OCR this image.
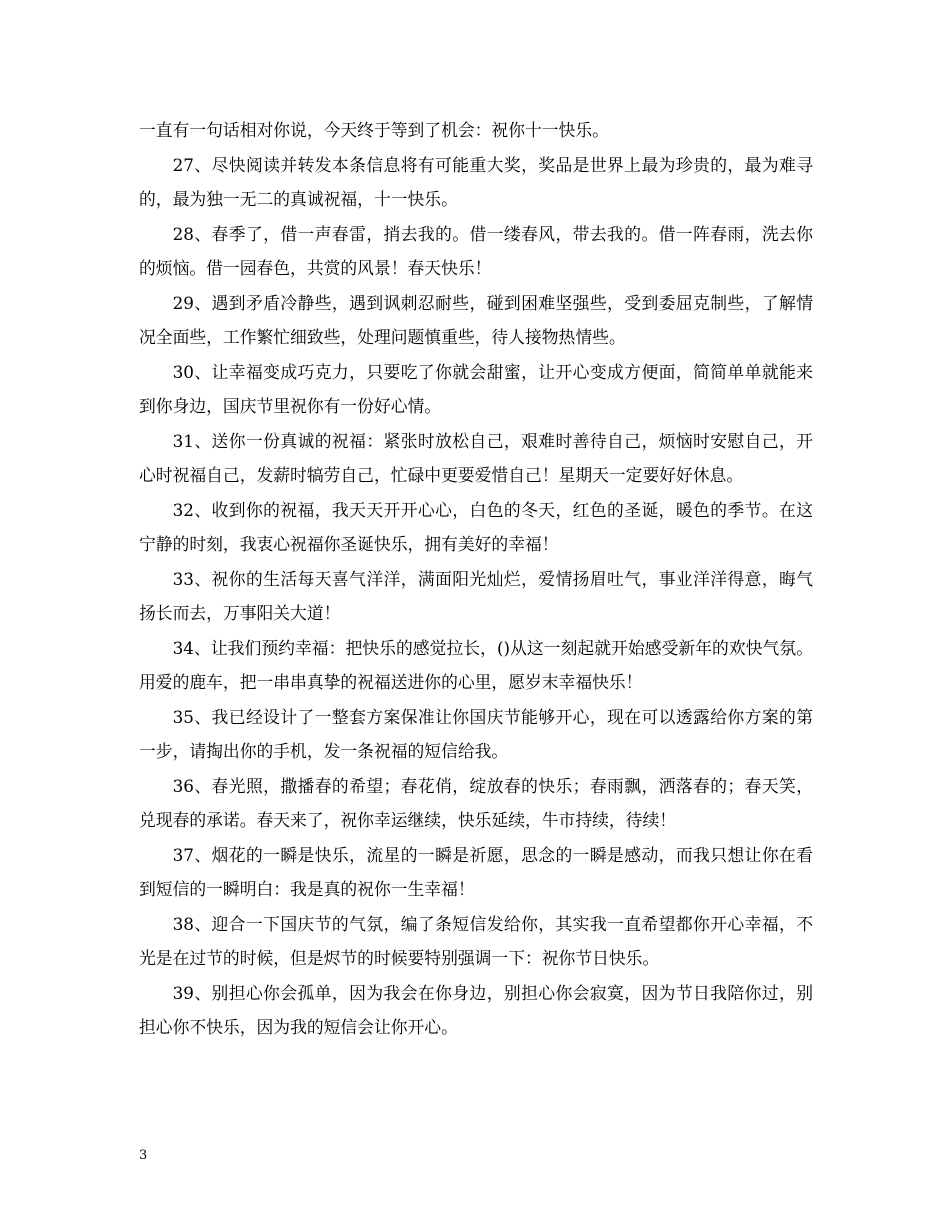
一直有一句话相对你说，今天终于等到了机会：祝你十一快乐。

27、尽快阅读并转发本条信息将有可能重大奖，奖品是世界上最为珍贵的，最为难寻的，最为独一无二的真诚祝福，十一快乐。

28、春季了，借一声春雷，捎去我的。借一缕春风，带去我的。借一阵春雨，洗去你的烦恼。借一园春色，共赏的风景！春天快乐！

29、遇到矛盾冷静些，遇到讽刺忍耐些，碰到困难坚强些，受到委屈克制些，了解情况全面些，工作繁忙细致些，处理问题慎重些，待人接物热情些。

30、让幸福变成巧克力，只要吃了你就会甜蜜，让开心变成方便面，简简单单就能来到你身边，国庆节里祝你有一份好心情。

31、送你一份真诚的祝福：紧张时放松自己，艰难时善待自己，烦恼时安慰自己，开心时祝福自己，发薪时犒劳自己，忙碌中更要爱惜自己！星期天一定要好好休息。

32、收到你的祝福，我天天开开心心，白色的冬天，红色的圣诞，暖色的季节。在这宁静的时刻，我衷心祝福你圣诞快乐，拥有美好的幸福！

33、祝你的生活每天喜气洋洋，满面阳光灿烂，爱情扬眉吐气，事业洋洋得意，晦气扬长而去，万事阳关大道！

34、让我们预约幸福：把快乐的感觉拉长，()从这一刻起就开始感受新年的欢快气氛。用爱的鹿车，把一串串真挚的祝福送进你的心里，愿岁末幸福快乐！

35、我已经设计了一整套方案保准让你国庆节能够开心，现在可以透露给你方案的第一步，请掏出你的手机，发一条祝福的短信给我。

36、春光照，撒播春的希望；春花俏，绽放春的快乐；春雨飘，洒落春的；春天笑，兑现春的承诺。春天来了，祝你幸运继续，快乐延续，牛市持续，待续！

37、烟花的一瞬是快乐，流星的一瞬是祈愿，思念的一瞬是感动，而我只想让你在看到短信的一瞬明白：我是真的祝你一生幸福！

38、迎合一下国庆节的气氛，编了条短信发给你，其实我一直希望都你开心幸福，不光是在过节的时候，但是烬节的时候要特别强调一下：祝你节日快乐。

39、别担心你会孤单，因为我会在你身边，别担心你会寂寞，因为节日我陪你过，别担心你不快乐，因为我的短信会让你开心。

3
